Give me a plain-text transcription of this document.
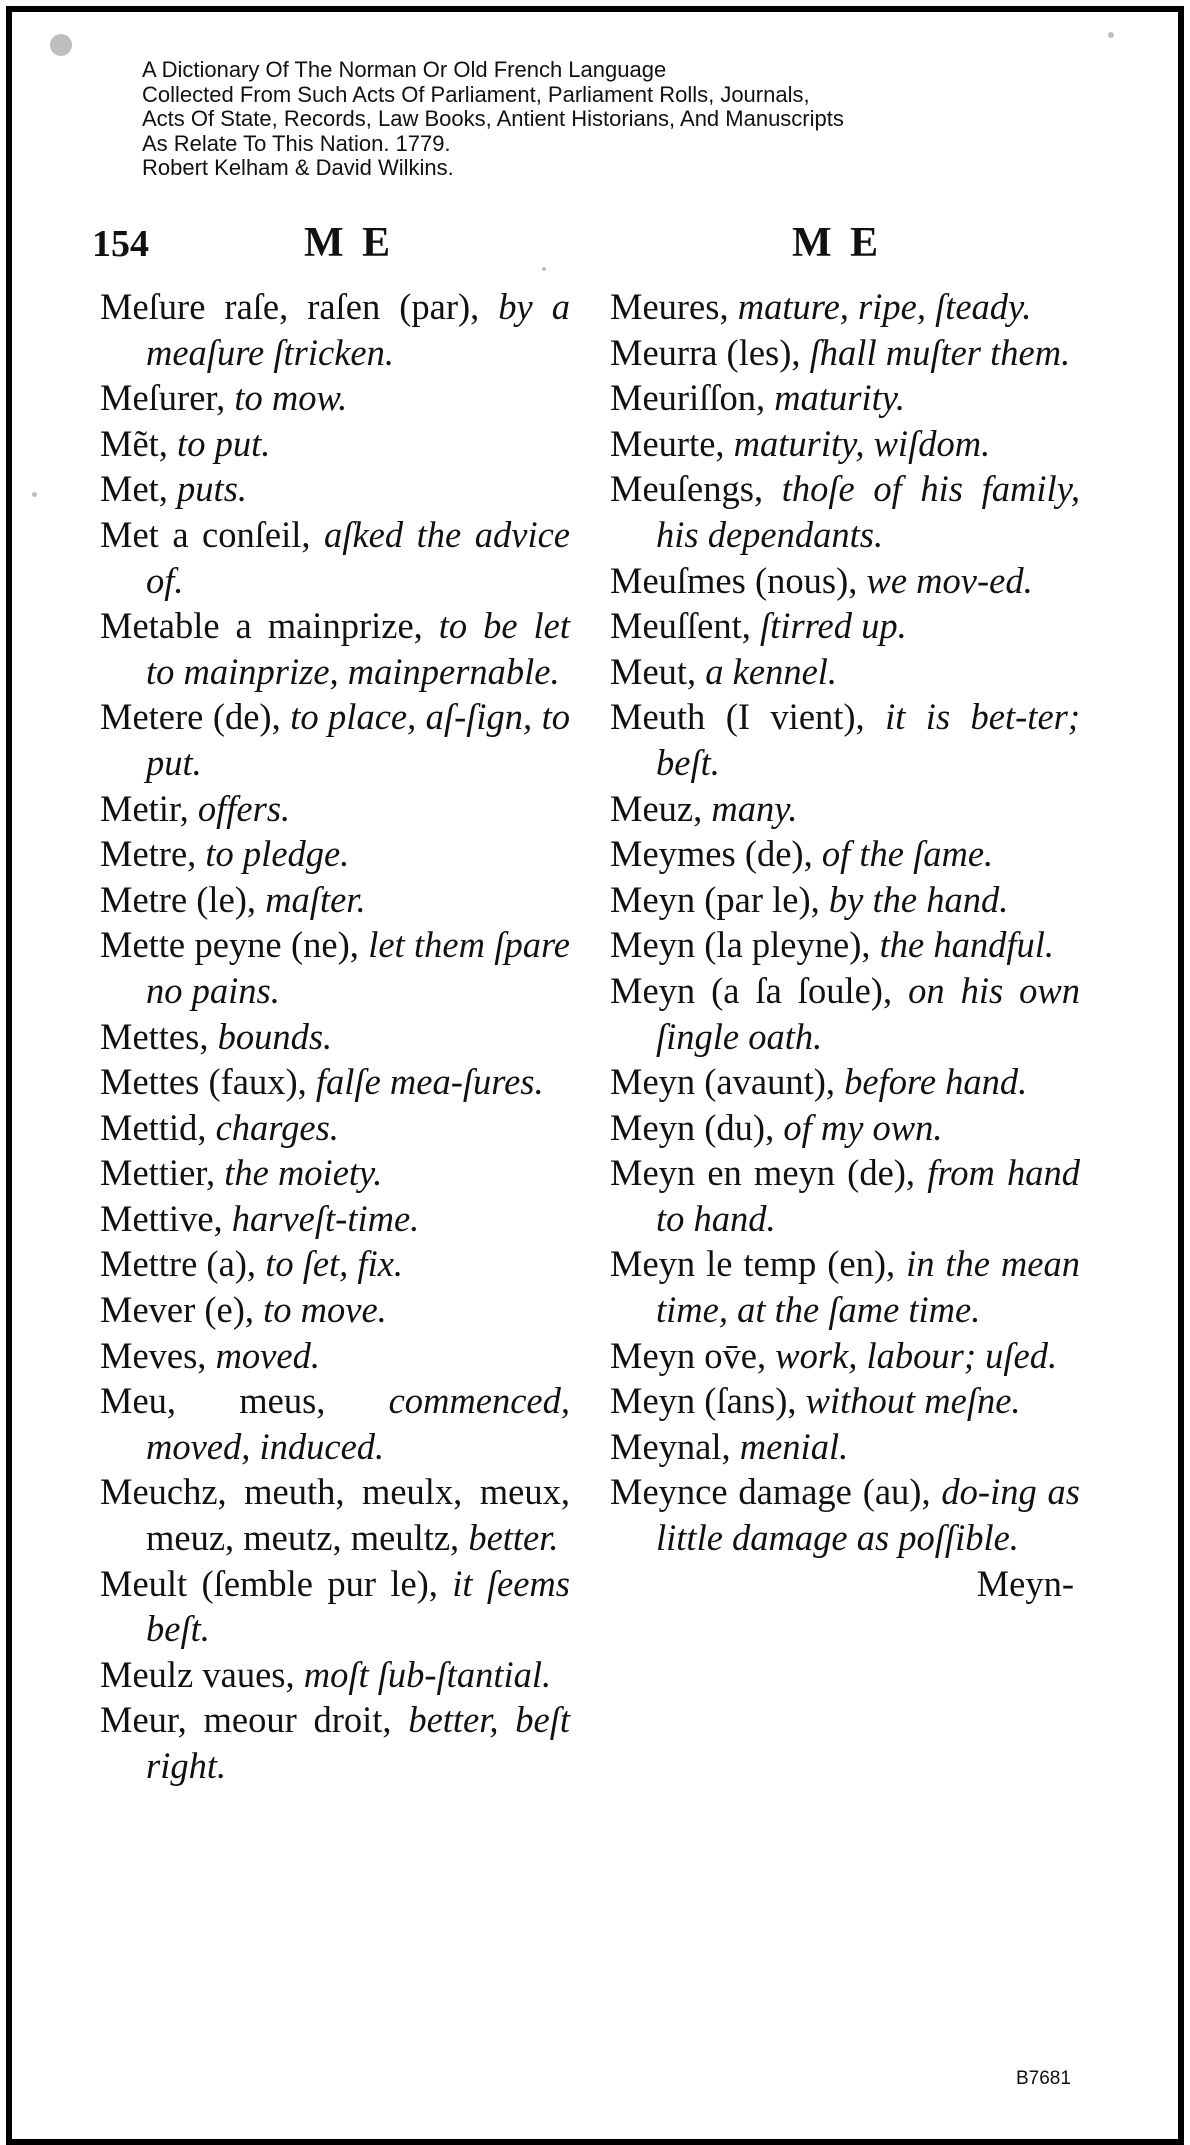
A Dictionary Of The Norman Or Old French Language
Collected From Such Acts Of Parliament, Parliament Rolls, Journals,
Acts Of State, Records, Law Books, Antient Historians, And Manuscripts
As Relate To This Nation. 1779.
Robert Kelham & David Wilkins.
154	M E	M E
Meſure raſe, raſen (par), by a meaſure ſtricken.
Meſurer, to mow.
Mẽt, to put.
Met, puts.
Met a conſeil, aſked the advice of.
Metable a mainprize, to be let to mainprize, mainpernable.
Metere (de), to place, aſ-ſign, to put.
Metir, offers.
Metre, to pledge.
Metre (le), maſter.
Mette peyne (ne), let them ſpare no pains.
Mettes, bounds.
Mettes (faux), falſe mea-ſures.
Mettid, charges.
Mettier, the moiety.
Mettive, harveſt-time.
Mettre (a), to ſet, fix.
Mever (e), to move.
Meves, moved.
Meu, meus, commenced, moved, induced.
Meuchz, meuth, meulx, meux, meuz, meutz, meultz, better.
Meult (ſemble pur le), it ſeems beſt.
Meulz vaues, moſt ſub-ſtantial.
Meur, meour droit, better, beſt right.
Meures, mature, ripe, ſteady.
Meurra (les), ſhall muſter them.
Meuriſſon, maturity.
Meurte, maturity, wiſdom.
Meuſengs, thoſe of his family, his dependants.
Meuſmes (nous), we mov-ed.
Meuſſent, ſtirred up.
Meut, a kennel.
Meuth (I vient), it is bet-ter; beſt.
Meuz, many.
Meymes (de), of the ſame.
Meyn (par le), by the hand.
Meyn (la pleyne), the handful.
Meyn (a ſa ſoule), on his own ſingle oath.
Meyn (avaunt), before hand.
Meyn (du), of my own.
Meyn en meyn (de), from hand to hand.
Meyn le temp (en), in the mean time, at the ſame time.
Meyn ov̄e, work, labour; uſed.
Meyn (ſans), without meſne.
Meynal, menial.
Meynce damage (au), do-ing as little damage as poſſible.
Meyn-
B7681
